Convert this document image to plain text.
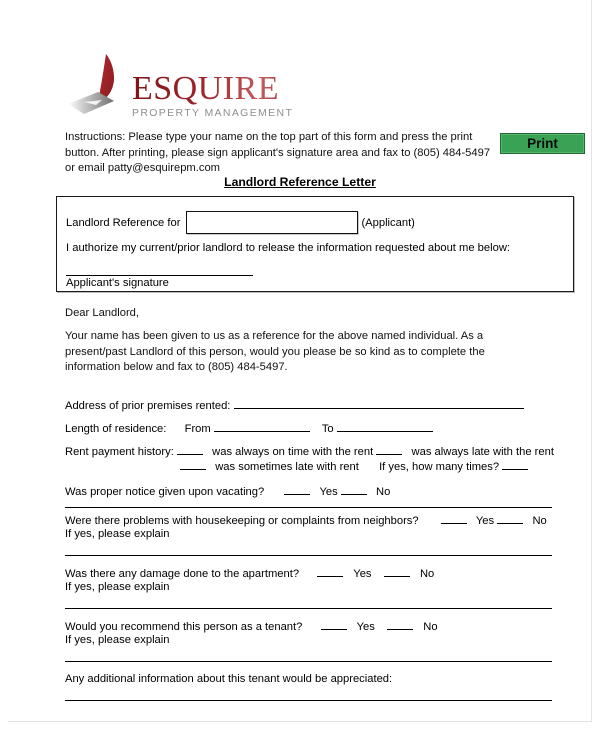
ESQUIRE
PROPERTY MANAGEMENT
Instructions: Please type your name on the top part of this form and press the print button. After printing, please sign applicant's signature area and fax to (805) 484-5497 or email patty@esquirepm.com
Print
Landlord Reference Letter
Landlord Reference for	(Applicant)
I authorize my current/prior landlord to release the information requested about me below:
Applicant's signature
Dear Landlord,
Your name has been given to us as a reference for the above named individual. As a present/past Landlord of this person, would you please be so kind as to complete the information below and fax to (805) 484-5497.
Address of prior premises rented:
Length of residence: From	To
Rent payment history:	was always on time with the rent	was always late with the rent
was sometimes late with rent If yes, how many times?
Was proper notice given upon vacating?	Yes	No
Were there problems with housekeeping or complaints from neighbors?	Yes	No
If yes, please explain
Was there any damage done to the apartment?	Yes	No
If yes, please explain
Would you recommend this person as a tenant?	Yes	No
If yes, please explain
Any additional information about this tenant would be appreciated:
